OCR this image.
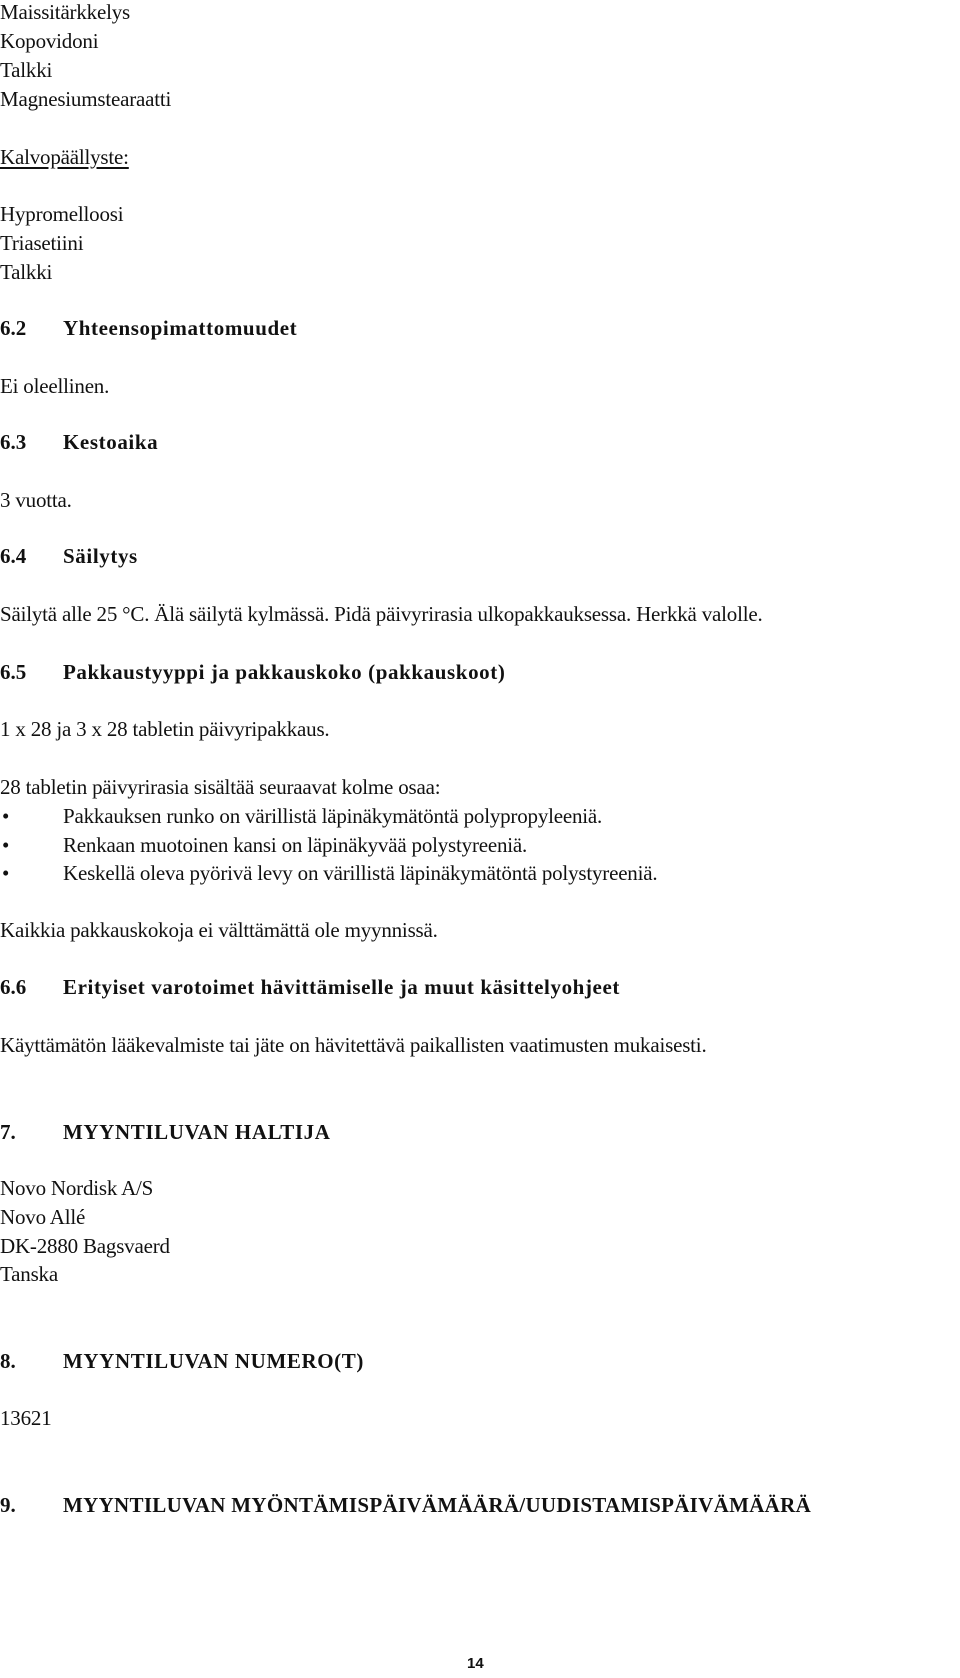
Maissitärkkelys
Kopovidoni
Talkki
Magnesiumstearaatti
Kalvopäällyste:
Hypromelloosi
Triasetiini
Talkki
6.2 Yhteensopimattomuudet
Ei oleellinen.
6.3 Kestoaika
3 vuotta.
6.4 Säilytys
Säilytä alle 25 °C. Älä säilytä kylmässä. Pidä päivyrirasia ulkopakkauksessa. Herkkä valolle.
6.5 Pakkaustyyppi ja pakkauskoko (pakkauskoot)
1 x 28 ja 3 x 28 tabletin päivyripakkaus.
28 tabletin päivyrirasia sisältää seuraavat kolme osaa:
•	Pakkauksen runko on värillistä läpinäkymätöntä polypropyleeniä.
•	Renkaan muotoinen kansi on läpinäkyvää polystyreeniä.
•	Keskellä oleva pyörivä levy on värillistä läpinäkymätöntä polystyreeniä.
Kaikkia pakkauskokoja ei välttämättä ole myynnissä.
6.6 Erityiset varotoimet hävittämiselle ja muut käsittelyohjeet
Käyttämätön lääkevalmiste tai jäte on hävitettävä paikallisten vaatimusten mukaisesti.
7. MYYNTILUVAN HALTIJA
Novo Nordisk A/S
Novo Allé
DK-2880 Bagsvaerd
Tanska
8. MYYNTILUVAN NUMERO(T)
13621
9. MYYNTILUVAN MYÖNTÄMISPÄIVÄMÄÄRÄ/UUDISTAMISPÄIVÄMÄÄRÄ
14
